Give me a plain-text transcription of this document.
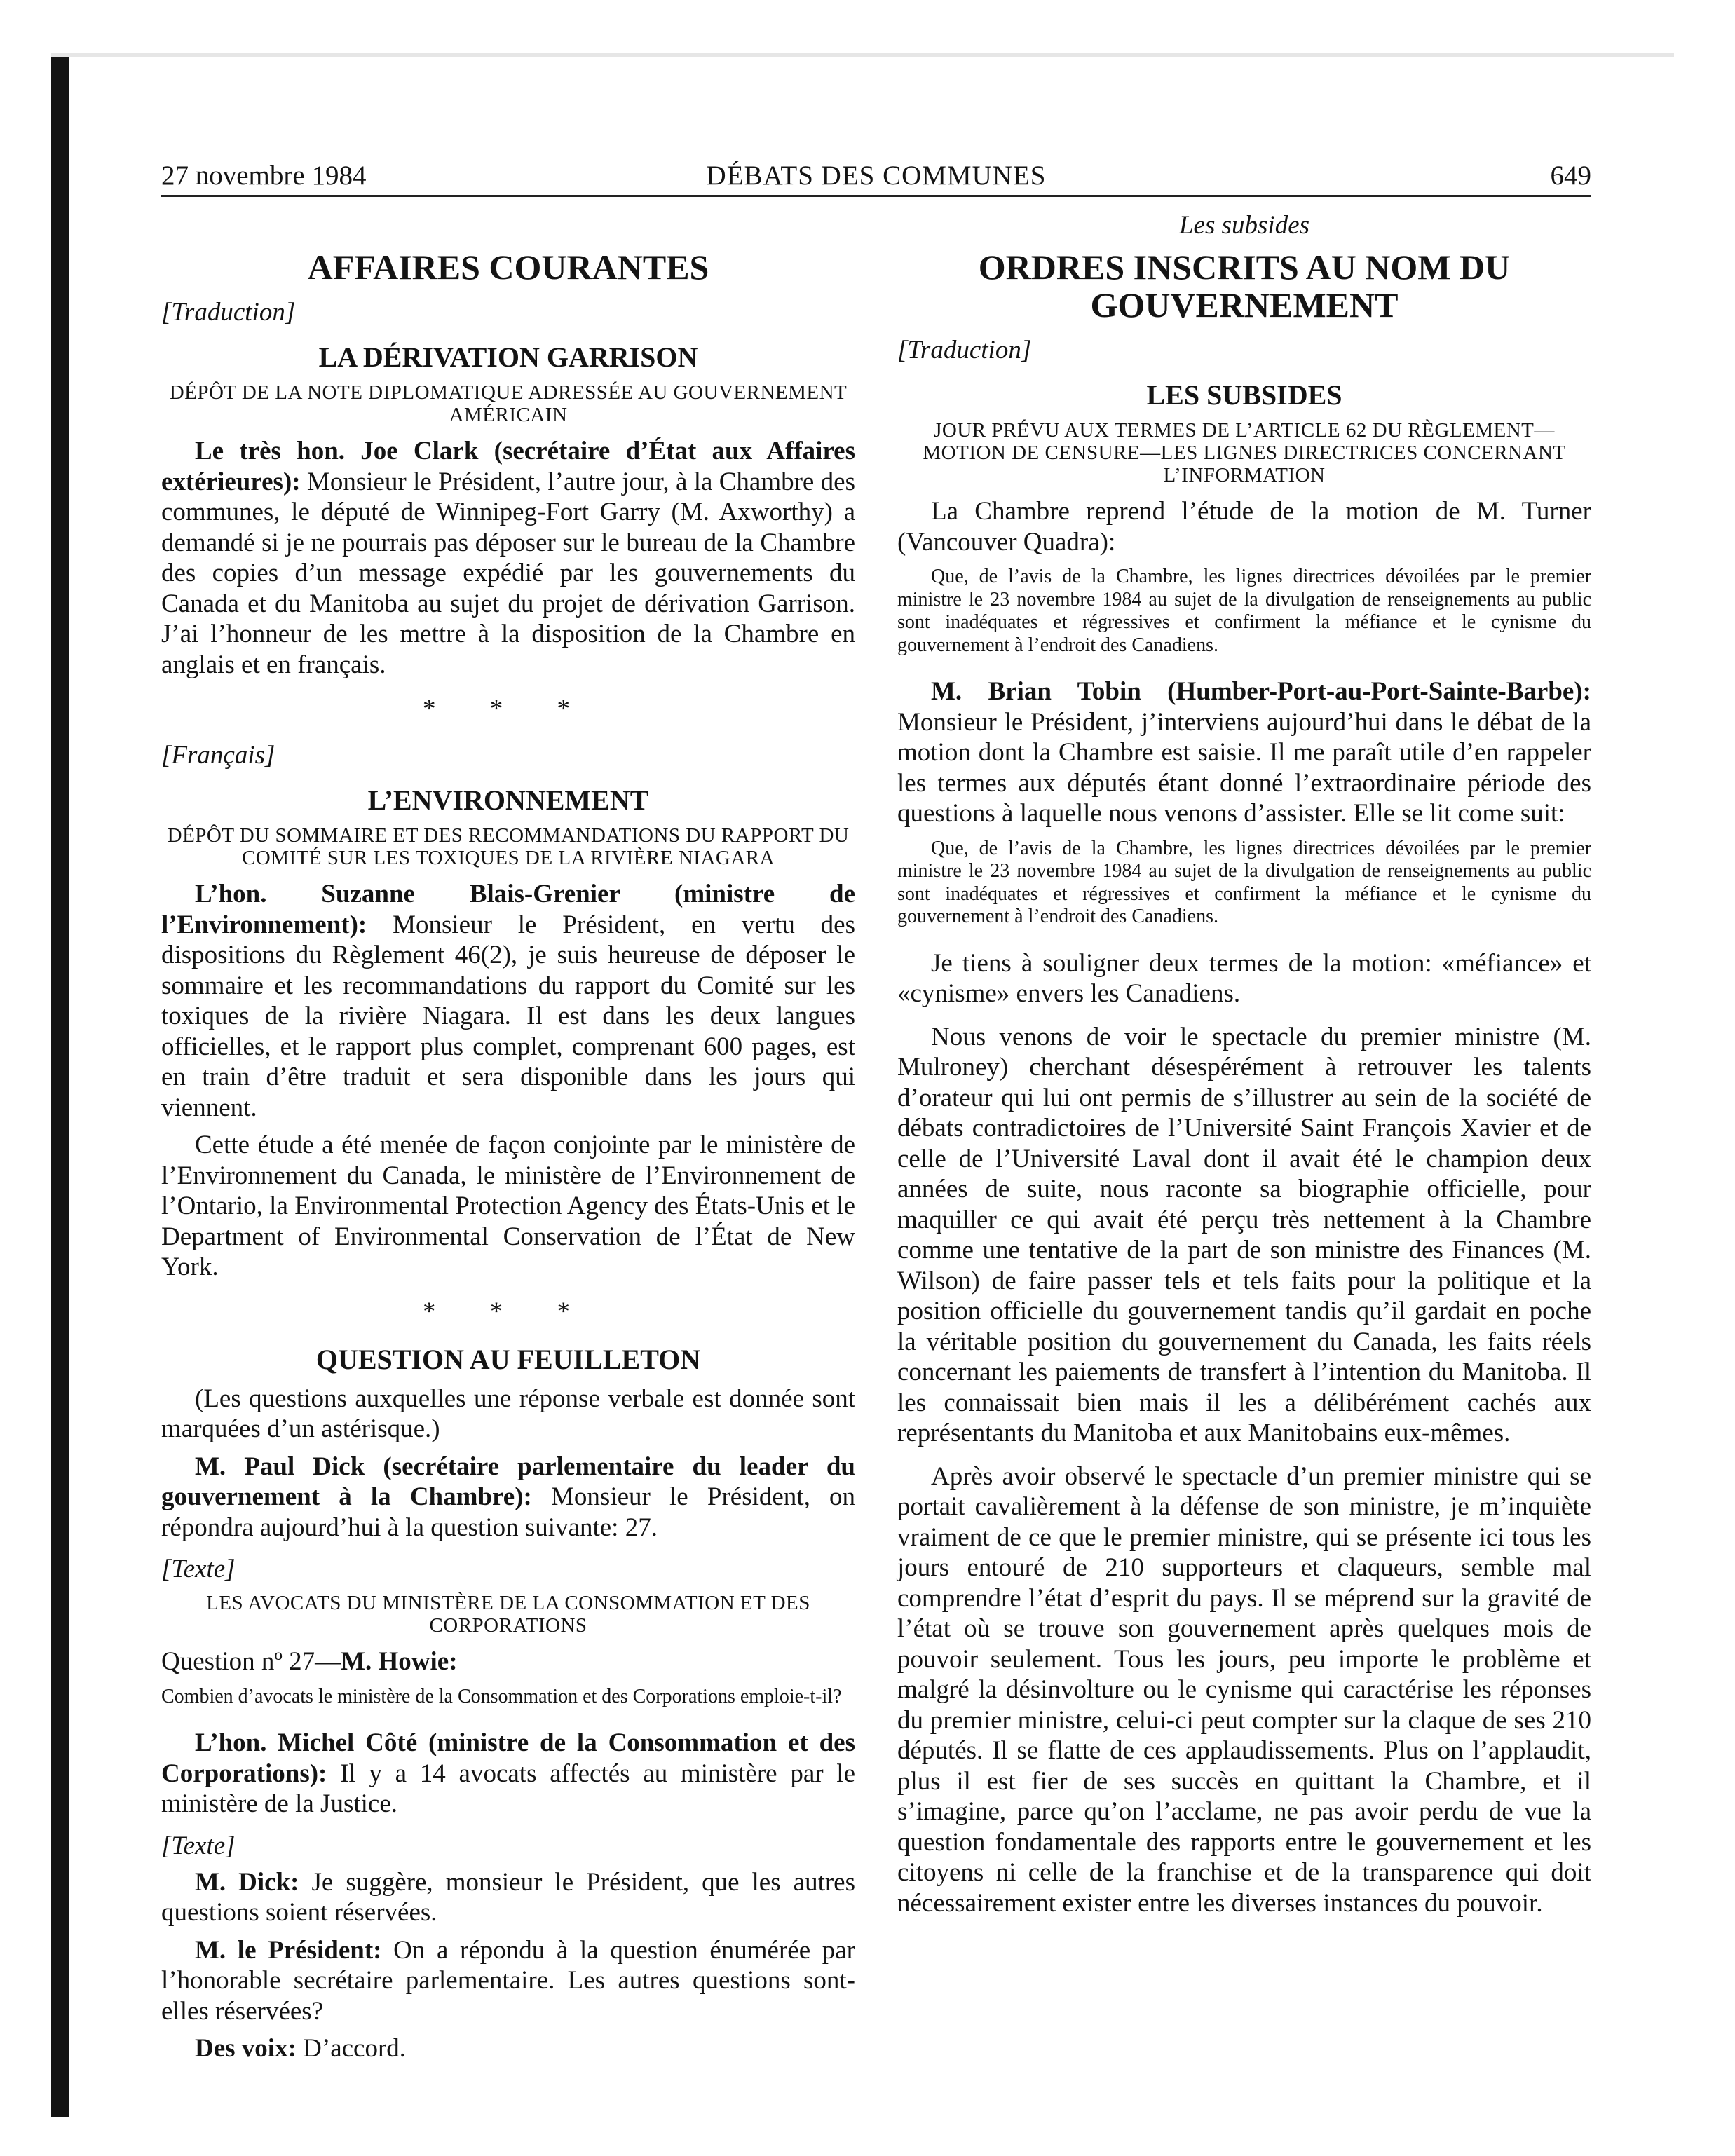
DÉBATS DES COMMUNES
27 novembre 1984	649

AFFAIRES COURANTES

[Traduction]

LA DÉRIVATION GARRISON

DÉPÔT DE LA NOTE DIPLOMATIQUE ADRESSÉE AU GOUVERNEMENT AMÉRICAIN

Le très hon. Joe Clark (secrétaire d’État aux Affaires extérieures): Monsieur le Président, l’autre jour, à la Chambre des communes, le député de Winnipeg-Fort Garry (M. Axworthy) a demandé si je ne pourrais pas déposer sur le bureau de la Chambre des copies d’un message expédié par les gouvernements du Canada et du Manitoba au sujet du projet de dérivation Garrison. J’ai l’honneur de les mettre à la disposition de la Chambre en anglais et en français.

* * *

[Français]

L’ENVIRONNEMENT

DÉPÔT DU SOMMAIRE ET DES RECOMMANDATIONS DU RAPPORT DU COMITÉ SUR LES TOXIQUES DE LA RIVIÈRE NIAGARA

L’hon. Suzanne Blais-Grenier (ministre de l’Environnement): Monsieur le Président, en vertu des dispositions du Règlement 46(2), je suis heureuse de déposer le sommaire et les recommandations du rapport du Comité sur les toxiques de la rivière Niagara. Il est dans les deux langues officielles, et le rapport plus complet, comprenant 600 pages, est en train d’être traduit et sera disponible dans les jours qui viennent.

Cette étude a été menée de façon conjointe par le ministère de l’Environnement du Canada, le ministère de l’Environnement de l’Ontario, la Environmental Protection Agency des États-Unis et le Department of Environmental Conservation de l’État de New York.

* * *

QUESTION AU FEUILLETON

(Les questions auxquelles une réponse verbale est donnée sont marquées d’un astérisque.)

M. Paul Dick (secrétaire parlementaire du leader du gouvernement à la Chambre): Monsieur le Président, on répondra aujourd’hui à la question suivante: 27.

[Texte]

LES AVOCATS DU MINISTÈRE DE LA CONSOMMATION ET DES CORPORATIONS

Question nº 27—M. Howie:

Combien d’avocats le ministère de la Consommation et des Corporations emploie-t-il?

L’hon. Michel Côté (ministre de la Consommation et des Corporations): Il y a 14 avocats affectés au ministère par le ministère de la Justice.

[Texte]

M. Dick: Je suggère, monsieur le Président, que les autres questions soient réservées.

M. le Président: On a répondu à la question énumérée par l’honorable secrétaire parlementaire. Les autres questions sont-elles réservées?

Des voix: D’accord.

Les subsides

ORDRES INSCRITS AU NOM DU GOUVERNEMENT

[Traduction]

LES SUBSIDES

JOUR PRÉVU AUX TERMES DE L’ARTICLE 62 DU RÈGLEMENT—MOTION DE CENSURE—LES LIGNES DIRECTRICES CONCERNANT L’INFORMATION

La Chambre reprend l’étude de la motion de M. Turner (Vancouver Quadra):

Que, de l’avis de la Chambre, les lignes directrices dévoilées par le premier ministre le 23 novembre 1984 au sujet de la divulgation de renseignements au public sont inadéquates et régressives et confirment la méfiance et le cynisme du gouvernement à l’endroit des Canadiens.

M. Brian Tobin (Humber-Port-au-Port-Sainte-Barbe): Monsieur le Président, j’interviens aujourd’hui dans le débat de la motion dont la Chambre est saisie. Il me paraît utile d’en rappeler les termes aux députés étant donné l’extraordinaire période des questions à laquelle nous venons d’assister. Elle se lit come suit:

Que, de l’avis de la Chambre, les lignes directrices dévoilées par le premier ministre le 23 novembre 1984 au sujet de la divulgation de renseignements au public sont inadéquates et régressives et confirment la méfiance et le cynisme du gouvernement à l’endroit des Canadiens.

Je tiens à souligner deux termes de la motion: «méfiance» et «cynisme» envers les Canadiens.

Nous venons de voir le spectacle du premier ministre (M. Mulroney) cherchant désespérément à retrouver les talents d’orateur qui lui ont permis de s’illustrer au sein de la société de débats contradictoires de l’Université Saint François Xavier et de celle de l’Université Laval dont il avait été le champion deux années de suite, nous raconte sa biographie officielle, pour maquiller ce qui avait été perçu très nettement à la Chambre comme une tentative de la part de son ministre des Finances (M. Wilson) de faire passer tels et tels faits pour la politique et la position officielle du gouvernement tandis qu’il gardait en poche la véritable position du gouvernement du Canada, les faits réels concernant les paiements de transfert à l’intention du Manitoba. Il les connaissait bien mais il les a délibérément cachés aux représentants du Manitoba et aux Manitobains eux-mêmes.

Après avoir observé le spectacle d’un premier ministre qui se portait cavalièrement à la défense de son ministre, je m’inquiète vraiment de ce que le premier ministre, qui se présente ici tous les jours entouré de 210 supporteurs et claqueurs, semble mal comprendre l’état d’esprit du pays. Il se méprend sur la gravité de l’état où se trouve son gouvernement après quelques mois de pouvoir seulement. Tous les jours, peu importe le problème et malgré la désinvolture ou le cynisme qui caractérise les réponses du premier ministre, celui-ci peut compter sur la claque de ses 210 députés. Il se flatte de ces applaudissements. Plus on l’applaudit, plus il est fier de ses succès en quittant la Chambre, et il s’imagine, parce qu’on l’acclame, ne pas avoir perdu de vue la question fondamentale des rapports entre le gouvernement et les citoyens ni celle de la franchise et de la transparence qui doit nécessairement exister entre les diverses instances du pouvoir.
